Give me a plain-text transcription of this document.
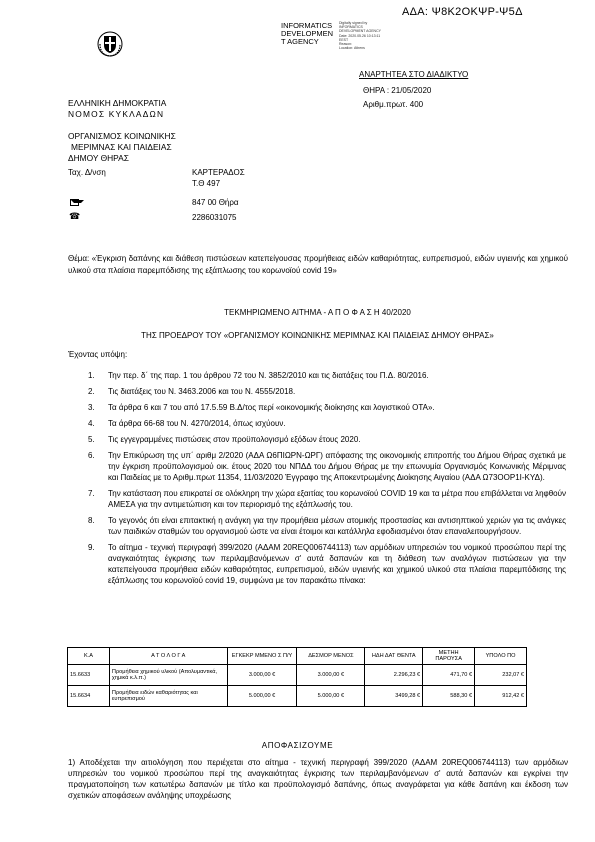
ΑΔΑ: Ψ8Κ2ΟΚΨΡ-Ψ5Δ
INFORMATICS
DEVELOPMEN
T AGENCY
Digitally signed by
INFORMATICS
DEVELOPMENT AGENCY
Date: 2020.05.26 10:13:11
EEST
Reason:
Location: Athens
ΑΝΑΡΤΗΤΕΑ ΣΤΟ ΔΙΑΔΙΚΤΥΟ
ΘΗΡΑ : 21/05/2020
Αριθμ.πρωτ. 400
ΕΛΛΗΝΙΚΗ ΔΗΜΟΚΡΑΤΙΑ
ΝΟΜΟΣ ΚΥΚΛΑΔΩΝ
ΟΡΓΑΝΙΣΜΟΣ ΚΟΙΝΩΝΙΚΗΣ
ΜΕΡΙΜΝΑΣ ΚΑΙ ΠΑΙΔΕΙΑΣ
ΔΗΜΟΥ ΘΗΡΑΣ
Ταχ. Δ/νση	ΚΑΡΤΕΡΑΔΟΣ
Τ.Θ 497
847 00 Θήρα
☎	2286031075
Θέμα: «Έγκριση δαπάνης και διάθεση πιστώσεων κατεπείγουσας προμήθειας ειδών καθαριότητας, ευπρεπισμού, ειδών υγιεινής και χημικού υλικού στα πλαίσια παρεμπόδισης της εξάπλωσης του κορωνοϊού covid 19»
ΤΕΚΜΗΡΙΩΜΕΝΟ ΑΙΤΗΜΑ - Α Π Ο Φ Α Σ Η 40/2020
ΤΗΣ ΠΡΟΕΔΡΟΥ ΤΟΥ «ΟΡΓΑΝΙΣΜΟΥ ΚΟΙΝΩΝΙΚΗΣ ΜΕΡΙΜΝΑΣ ΚΑΙ ΠΑΙΔΕΙΑΣ ΔΗΜΟΥ ΘΗΡΑΣ»
Έχοντας υπόψη:
1.	Την περ. δ΄ της παρ. 1 του άρθρου 72 του Ν. 3852/2010 και τις διατάξεις του Π.Δ. 80/2016.
2.	Τις διατάξεις του Ν. 3463.2006 και του Ν. 4555/2018.
3.	Τα άρθρα 6 και 7 του από 17.5.59 Β.Δ/τος περί «οικονομικής διοίκησης και λογιστικού ΟΤΑ».
4.	Τα άρθρα 66-68 του Ν. 4270/2014, όπως ισχύουν.
5.	Τις εγγεγραμμένες πιστώσεις στον προϋπολογισμό εξόδων έτους 2020.
6.	Την Επικύρωση της υπ΄ αριθμ 2/2020 (ΑΔΑ Ω6ΠΙΩΡΝ-ΩΡΓ) απόφασης της οικονομικής επιτροπής του Δήμου Θήρας σχετικά με την έγκριση προϋπολογισμού οικ. έτους 2020 του ΝΠΔΔ του Δήμου Θήρας με την επωνυμία Οργανισμός Κοινωνικής Μέριμνας και Παιδείας με το Αριθμ.πρωτ 11354, 11/03/2020 Έγγραφο της Αποκεντρωμένης Διοίκησης Αιγαίου (ΑΔΑ Ω73ΟΟΡ1Ι-ΚΥΔ).
7.	Την κατάσταση που επικρατεί σε ολόκληρη την χώρα εξαιτίας του κορωνοϊού COVID 19 και τα μέτρα που επιβάλλεται να ληφθούν ΑΜΕΣΑ για την αντιμετώπιση και τον περιορισμό της εξάπλωσής του.
8.	Το γεγονός ότι είναι επιτακτική η ανάγκη για την προμήθεια μέσων ατομικής προστασίας και αντισηπτικού χεριών για τις ανάγκες των παιδικών σταθμών του οργανισμού ώστε να είναι έτοιμοι και κατάλληλα εφοδιασμένοι όταν επαναλειτουργήσουν.
9.	Το αίτημα - τεχνική περιγραφή 399/2020 (ΑΔΑΜ 20REQ006744113) των αρμόδιων υπηρεσιών του νομικού προσώπου περί της αναγκαιότητας έγκρισης των περιλαμβανόμενων σ' αυτά δαπανών και τη διάθεση των αναλόγων πιστώσεων για την κατεπείγουσα προμήθεια ειδών καθαριότητας, ευπρεπισμού, ειδών υγιεινής και χημικού υλικού στα πλαίσια παρεμπόδισης της εξάπλωσης του κορωνοϊού covid 19, συμφώνα με τον παρακάτω πίνακα:
Κ.Α	Α Τ Ο Λ Ο Γ Α	ΕΓΚΕΚΡ ΜΜΕΝΟ Σ Π/Υ	ΔΕΣΜΟΡ ΜΕΝΟΣ	ΗΔΗ ΔΑΤ ΘΕΝΤΑ	ΜΕΤΗΗ ΠΑΡΟΥΣΑ	ΥΠΟΛΟ ΠΟ
15.6633	Προμήθεια χημικού υλικού (Απολυμαντικά, χημικά κ.λ.π.)	3.000,00 €	3.000,00 €	2.296,23 €	471,70 €	232,07 €
15.6634	Προμήθεια ειδών καθαριότητας και ευπρεπισμού	5.000,00 €	5.000,00 €	3499,28 €	588,30 €	912,42 €
ΑΠΟΦΑΣΙΖΟΥΜΕ
1) Αποδέχεται την αιτιολόγηση που περιέχεται στο αίτημα - τεχνική περιγραφή 399/2020 (ΑΔΑΜ 20REQ006744113) των αρμόδιων υπηρεσιών του νομικού προσώπου περί της αναγκαιότητας έγκρισης των περιλαμβανόμενων σ' αυτά δαπανών και εγκρίνει την πραγματοποίηση των κατωτέρω δαπανών με τίτλο και προϋπολογισμό δαπάνης, όπως αναγράφεται για κάθε δαπάνη και έκδοση των σχετικών αποφάσεων ανάληψης υποχρέωσης
